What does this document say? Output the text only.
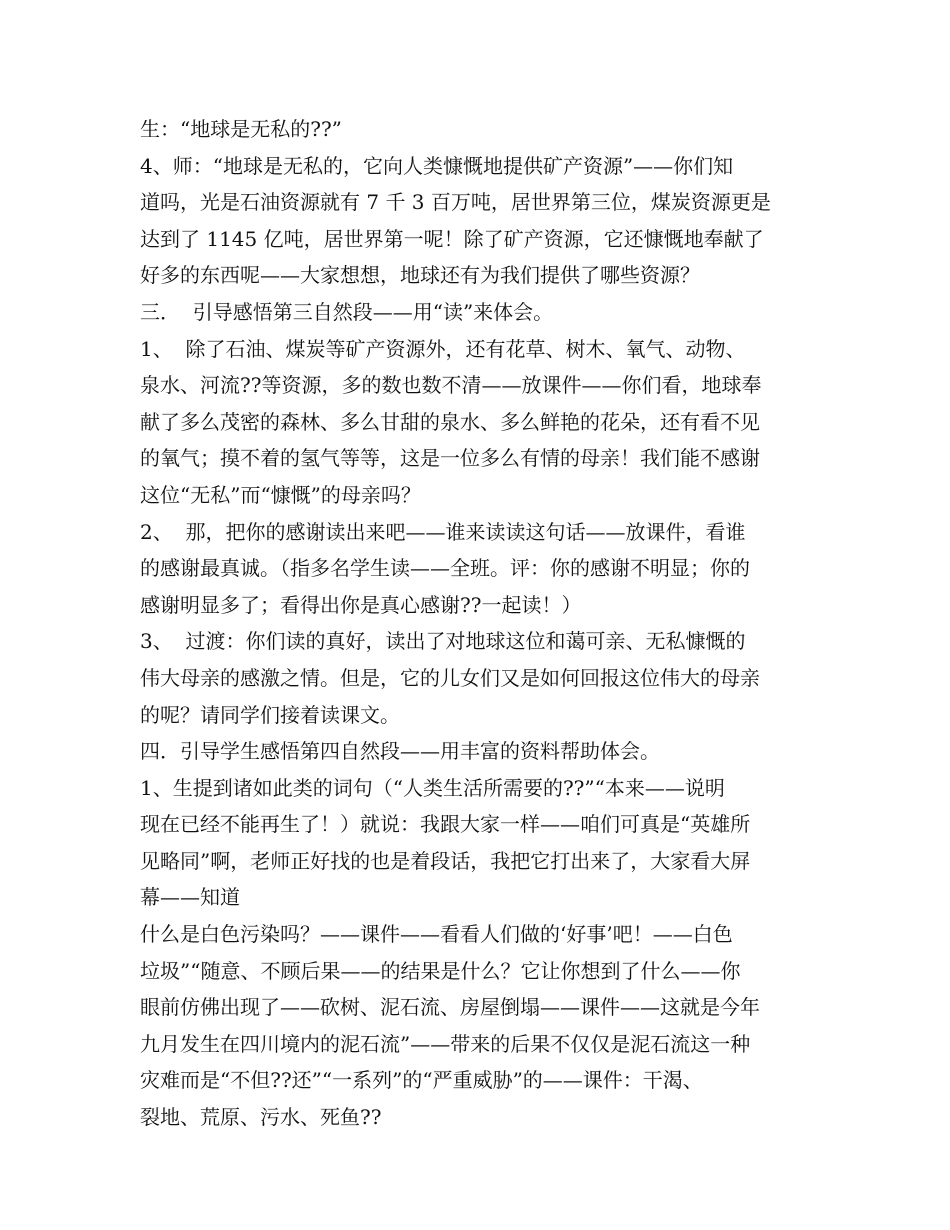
生：“地球是无私的??”
4、师：“地球是无私的，它向人类慷慨地提供矿产资源”——你们知
道吗，光是石油资源就有 7 千 3 百万吨，居世界第三位，煤炭资源更是
达到了 1145 亿吨，居世界第一呢！除了矿产资源，它还慷慨地奉献了
好多的东西呢——大家想想，地球还有为我们提供了哪些资源？
三．  引导感悟第三自然段——用“读”来体会。
1、  除了石油、煤炭等矿产资源外，还有花草、树木、氧气、动物、
泉水、河流??等资源，多的数也数不清——放课件——你们看，地球奉
献了多么茂密的森林、多么甘甜的泉水、多么鲜艳的花朵，还有看不见
的氧气；摸不着的氢气等等，这是一位多么有情的母亲！我们能不感谢
这位“无私”而“慷慨”的母亲吗？
2、  那，把你的感谢读出来吧——谁来读读这句话——放课件，看谁
的感谢最真诚。（指多名学生读——全班。评：你的感谢不明显；你的
感谢明显多了；看得出你是真心感谢??一起读！）
3、  过渡：你们读的真好，读出了对地球这位和蔼可亲、无私慷慨的
伟大母亲的感激之情。但是，它的儿女们又是如何回报这位伟大的母亲
的呢？请同学们接着读课文。
四．引导学生感悟第四自然段——用丰富的资料帮助体会。
1、生提到诸如此类的词句（“人类生活所需要的??”“本来——说明
现在已经不能再生了！）就说：我跟大家一样——咱们可真是“英雄所
见略同”啊，老师正好找的也是着段话，我把它打出来了，大家看大屏
幕——知道
什么是白色污染吗？——课件——看看人们做的‘好事’吧！——白色
垃圾”“随意、不顾后果——的结果是什么？它让你想到了什么——你
眼前仿佛出现了——砍树、泥石流、房屋倒塌——课件——这就是今年
九月发生在四川境内的泥石流”——带来的后果不仅仅是泥石流这一种
灾难而是“不但??还”“一系列”的“严重威胁”的——课件：干渴、
裂地、荒原、污水、死鱼??
